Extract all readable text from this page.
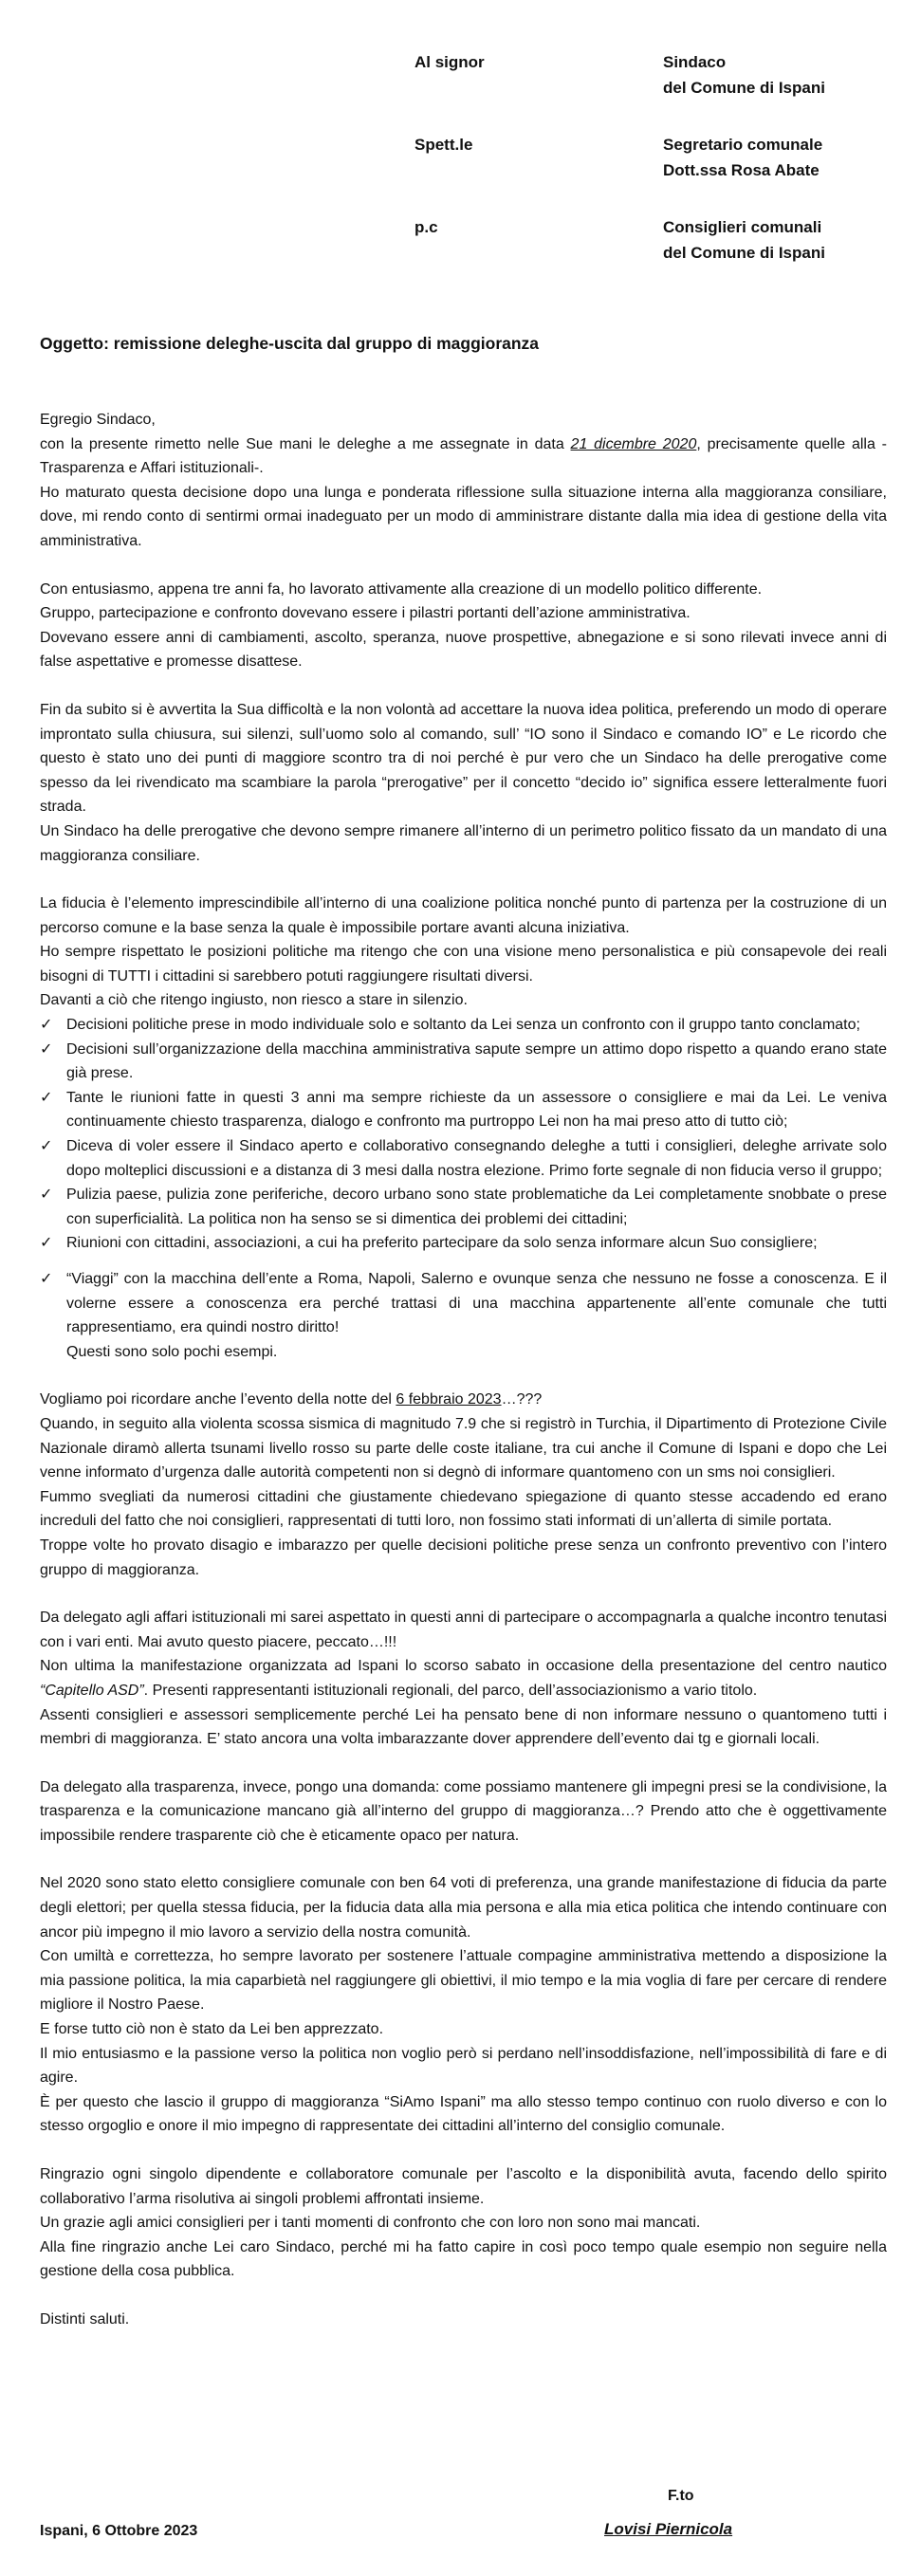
Al signor	Sindaco
del Comune di Ispani
Spett.le	Segretario comunale
Dott.ssa Rosa Abate
p.c	Consiglieri comunali
del Comune di Ispani
Oggetto: remissione deleghe-uscita dal gruppo di maggioranza

Egregio Sindaco,

con la presente rimetto nelle Sue mani le deleghe a me assegnate in data 21 dicembre 2020, precisamente quelle alla -Trasparenza e Affari istituzionali-.

Ho maturato questa decisione dopo una lunga e ponderata riflessione sulla situazione interna alla maggioranza consiliare, dove, mi rendo conto di sentirmi ormai inadeguato per un modo di amministrare distante dalla mia idea di gestione della vita amministrativa.

Con entusiasmo, appena tre anni fa, ho lavorato attivamente alla creazione di un modello politico differente.

Gruppo, partecipazione e confronto dovevano essere i pilastri portanti dell’azione amministrativa.

Dovevano essere anni di cambiamenti, ascolto, speranza, nuove prospettive, abnegazione e si sono rilevati invece anni di false aspettative e promesse disattese.

Fin da subito si è avvertita la Sua difficoltà e la non volontà ad accettare la nuova idea politica, preferendo un modo di operare improntato sulla chiusura, sui silenzi, sull’uomo solo al comando, sull’ “IO sono il Sindaco e comando IO” e Le ricordo che questo è stato uno dei punti di maggiore scontro tra di noi perché è pur vero che un Sindaco ha delle prerogative come spesso da lei rivendicato ma scambiare la parola “prerogative” per il concetto “decido io” significa essere letteralmente fuori strada.

Un Sindaco ha delle prerogative che devono sempre rimanere all’interno di un perimetro politico fissato da un mandato di una maggioranza consiliare.

La fiducia è l’elemento imprescindibile all’interno di una coalizione politica nonché punto di partenza per la costruzione di un percorso comune e la base senza la quale è impossibile portare avanti alcuna iniziativa.

Ho sempre rispettato le posizioni politiche ma ritengo che con una visione meno personalistica e più consapevole dei reali bisogni di TUTTI i cittadini si sarebbero potuti raggiungere risultati diversi.

Davanti a ciò che ritengo ingiusto, non riesco a stare in silenzio.

✓ Decisioni politiche prese in modo individuale solo e soltanto da Lei senza un confronto con il gruppo tanto conclamato;
✓ Decisioni sull’organizzazione della macchina amministrativa sapute sempre un attimo dopo rispetto a quando erano state già prese.
✓ Tante le riunioni fatte in questi 3 anni ma sempre richieste da un assessore o consigliere e mai da Lei. Le veniva continuamente chiesto trasparenza, dialogo e confronto ma purtroppo Lei non ha mai preso atto di tutto ciò;
✓ Diceva di voler essere il Sindaco aperto e collaborativo consegnando deleghe a tutti i consiglieri, deleghe arrivate solo dopo molteplici discussioni e a distanza di 3 mesi dalla nostra elezione. Primo forte segnale di non fiducia verso il gruppo;
✓ Pulizia paese, pulizia zone periferiche, decoro urbano sono state problematiche da Lei completamente snobbate o prese con superficialità. La politica non ha senso se si dimentica dei problemi dei cittadini;
✓ Riunioni con cittadini, associazioni, a cui ha preferito partecipare da solo senza informare alcun Suo consigliere;
✓ “Viaggi” con la macchina dell’ente a Roma, Napoli, Salerno e ovunque senza che nessuno ne fosse a conoscenza. E il volerne essere a conoscenza era perché trattasi di una macchina appartenente all’ente comunale che tutti rappresentiamo, era quindi nostro diritto!

Questi sono solo pochi esempi.

Vogliamo poi ricordare anche l’evento della notte del 6 febbraio 2023…???

Quando, in seguito alla violenta scossa sismica di magnitudo 7.9 che si registrò in Turchia, il Dipartimento di Protezione Civile Nazionale diramò allerta tsunami livello rosso su parte delle coste italiane, tra cui anche il Comune di Ispani e dopo che Lei venne informato d’urgenza dalle autorità competenti non si degnò di informare quantomeno con un sms noi consiglieri.

Fummo svegliati da numerosi cittadini che giustamente chiedevano spiegazione di quanto stesse accadendo ed erano increduli del fatto che noi consiglieri, rappresentati di tutti loro, non fossimo stati informati di un’allerta di simile portata.

Troppe volte ho provato disagio e imbarazzo per quelle decisioni politiche prese senza un confronto preventivo con l’intero gruppo di maggioranza.

Da delegato agli affari istituzionali mi sarei aspettato in questi anni di partecipare o accompagnarla a qualche incontro tenutasi con i vari enti. Mai avuto questo piacere, peccato…!!!

Non ultima la manifestazione organizzata ad Ispani lo scorso sabato in occasione della presentazione del centro nautico “Capitello ASD”. Presenti rappresentanti istituzionali regionali, del parco, dell’associazionismo a vario titolo.

Assenti consiglieri e assessori semplicemente perché Lei ha pensato bene di non informare nessuno o quantomeno tutti i membri di maggioranza. E’ stato ancora una volta imbarazzante dover apprendere dell’evento dai tg e giornali locali.

Da delegato alla trasparenza, invece, pongo una domanda: come possiamo mantenere gli impegni presi se la condivisione, la trasparenza e la comunicazione mancano già all’interno del gruppo di maggioranza…? Prendo atto che è oggettivamente impossibile rendere trasparente ciò che è eticamente opaco per natura.

Nel 2020 sono stato eletto consigliere comunale con ben 64 voti di preferenza, una grande manifestazione di fiducia da parte degli elettori; per quella stessa fiducia, per la fiducia data alla mia persona e alla mia etica politica che intendo continuare con ancor più impegno il mio lavoro a servizio della nostra comunità.

Con umiltà e correttezza, ho sempre lavorato per sostenere l’attuale compagine amministrativa mettendo a disposizione la mia passione politica, la mia caparbietà nel raggiungere gli obiettivi, il mio tempo e la mia voglia di fare per cercare di rendere migliore il Nostro Paese.

E forse tutto ciò non è stato da Lei ben apprezzato.

Il mio entusiasmo e la passione verso la politica non voglio però si perdano nell’insoddisfazione, nell’impossibilità di fare e di agire.

È per questo che lascio il gruppo di maggioranza “SiAmo Ispani” ma allo stesso tempo continuo con ruolo diverso e con lo stesso orgoglio e onore il mio impegno di rappresentate dei cittadini all’interno del consiglio comunale.

Ringrazio ogni singolo dipendente e collaboratore comunale per l’ascolto e la disponibilità avuta, facendo dello spirito collaborativo l’arma risolutiva ai singoli problemi affrontati insieme.

Un grazie agli amici consiglieri per i tanti momenti di confronto che con loro non sono mai mancati.

Alla fine ringrazio anche Lei caro Sindaco, perché mi ha fatto capire in così poco tempo quale esempio non seguire nella gestione della cosa pubblica.

Distinti saluti.

F.to
Ispani, 6 Ottobre 2023	Lovisi Piernicola
